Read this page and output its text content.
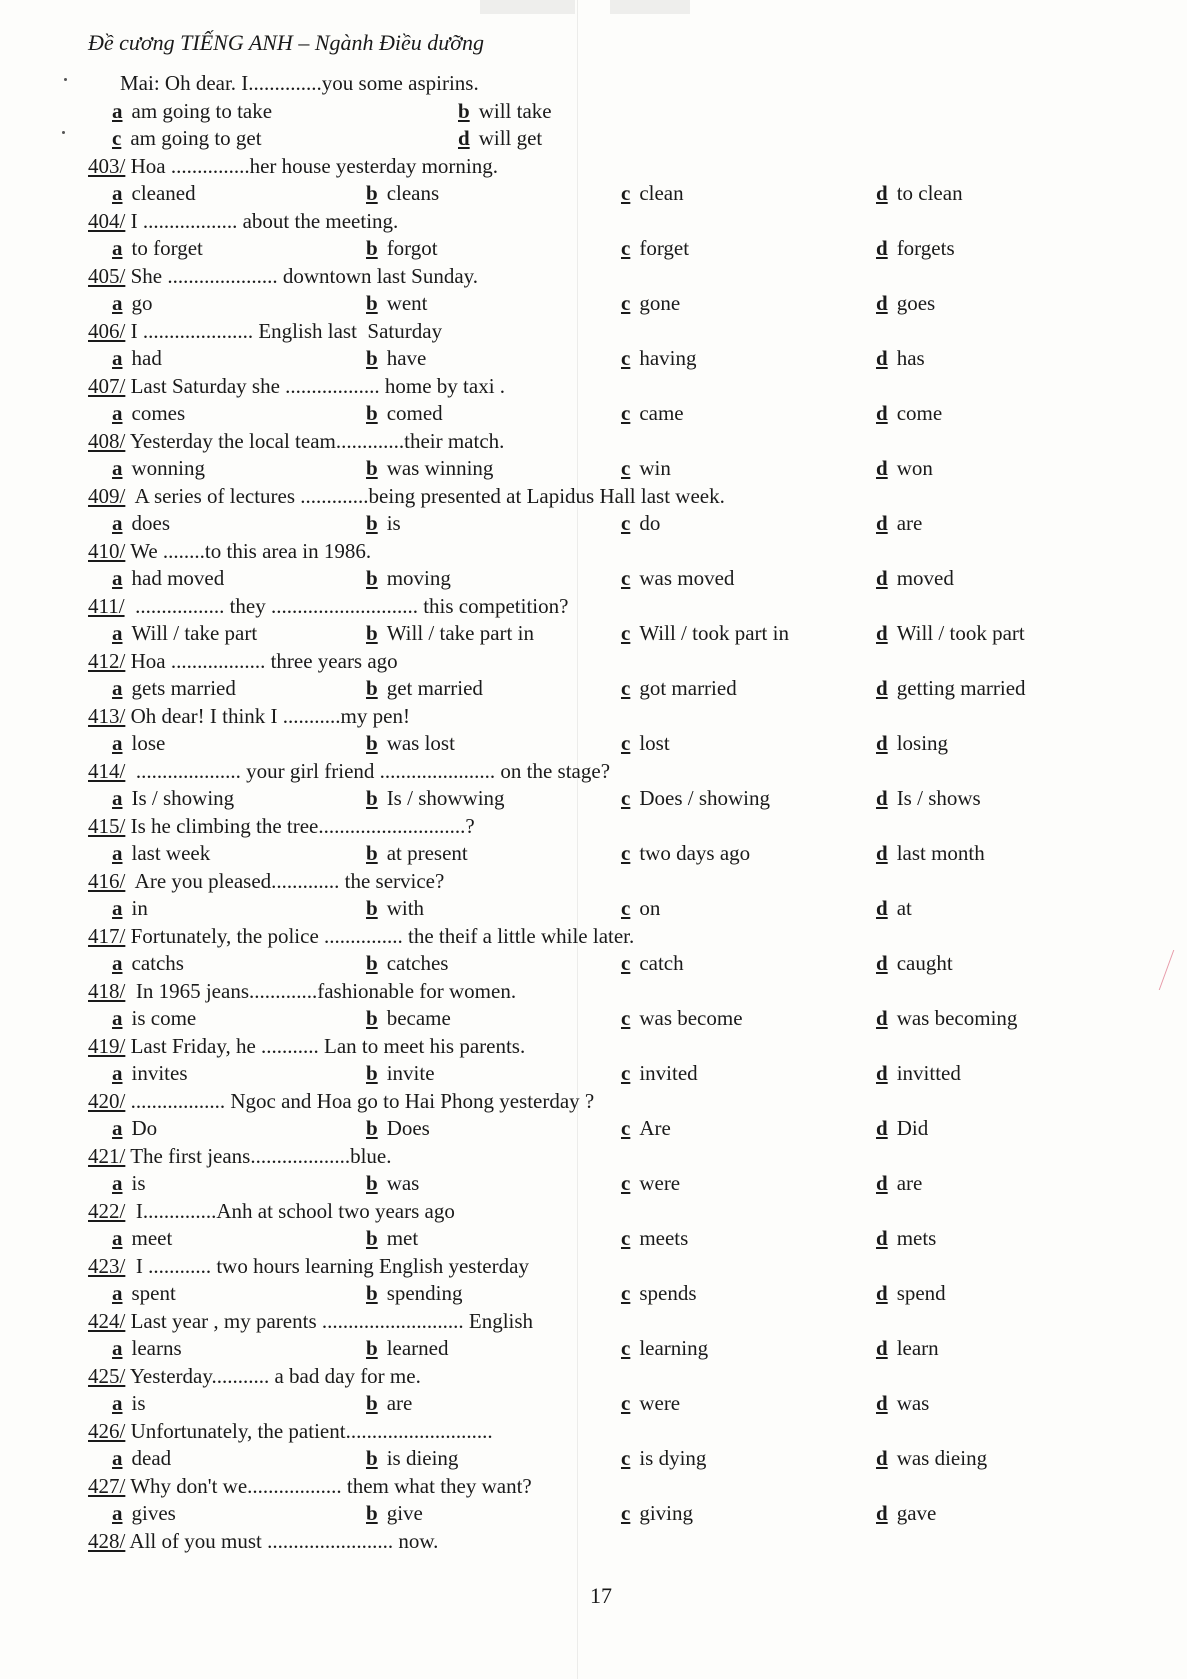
Đề cương TIẾNG ANH – Ngành Điều dưỡng
Mai: Oh dear. I..............you some aspirins.
a am going to take	b will take
c am going to get	d will get
403/ Hoa ...............her house yesterday morning.
a cleaned	b cleans	c clean	d to clean
404/ I .................. about the meeting.
a to forget	b forgot	c forget	d forgets
405/ She ..................... downtown last Sunday.
a go	b went	c gone	d goes
406/ I ..................... English last  Saturday
a had	b have	c having	d has
407/ Last Saturday she .................. home by taxi .
a comes	b comed	c came	d come
408/ Yesterday the local team.............their match.
a wonning	b was winning	c win	d won
409/  A series of lectures .............being presented at Lapidus Hall last week.
a does	b is	c do	d are
410/ We ........to this area in 1986.
a had moved	b moving	c was moved	d moved
411/  ................. they ............................ this competition?
a Will / take part	b Will / take part in	c Will / took part in	d Will / took part
412/ Hoa .................. three years ago
a gets married	b get married	c got married	d getting married
413/ Oh dear! I think I ...........my pen!
a lose	b was lost	c lost	d losing
414/  .................... your girl friend ...................... on the stage?
a Is / showing	b Is / showwing	c Does / showing	d Is / shows
415/ Is he climbing the tree............................?
a last week	b at present	c two days ago	d last month
416/  Are you pleased............. the service?
a in	b with	c on	d at
417/ Fortunately, the police ............... the theif a little while later.
a catchs	b catches	c catch	d caught
418/  In 1965 jeans.............fashionable for women.
a is come	b became	c was become	d was becoming
419/ Last Friday, he ........... Lan to meet his parents.
a invites	b invite	c invited	d invitted
420/ .................. Ngoc and Hoa go to Hai Phong yesterday ?
a Do	b Does	c Are	d Did
421/ The first jeans...................blue.
a is	b was	c were	d are
422/  I..............Anh at school two years ago
a meet	b met	c meets	d mets
423/  I ............ two hours learning English yesterday
a spent	b spending	c spends	d spend
424/ Last year , my parents ........................... English
a learns	b learned	c learning	d learn
425/ Yesterday........... a bad day for me.
a is	b are	c were	d was
426/ Unfortunately, the patient............................
a dead	b is dieing	c is dying	d was dieing
427/ Why don't we.................. them what they want?
a gives	b give	c giving	d gave
428/ All of you must ........................ now.
17
